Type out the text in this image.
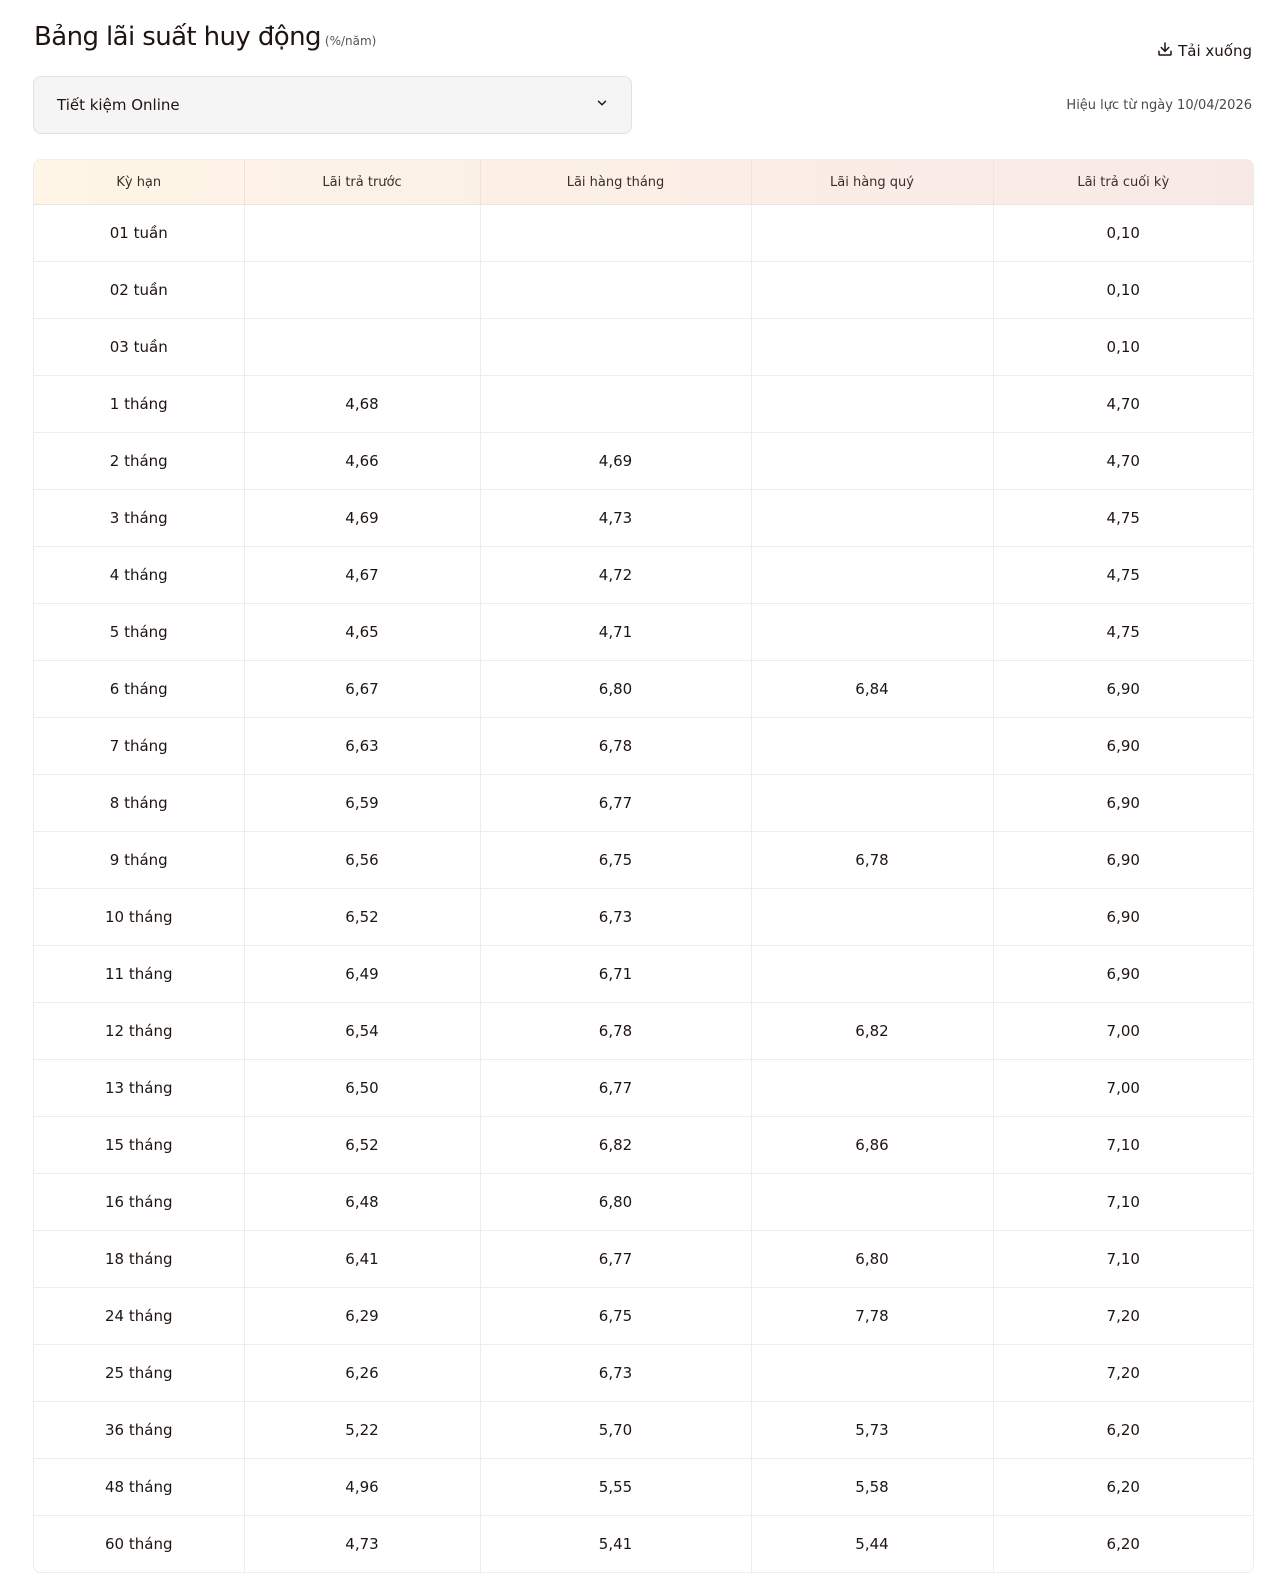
Bảng lãi suất huy động (%/năm)
Tải xuống
Tiết kiệm Online	Hiệu lực từ ngày 10/04/2026
Kỳ hạn	Lãi trả trước	Lãi hàng tháng	Lãi hàng quý	Lãi trả cuối kỳ
01 tuần				0,10
02 tuần				0,10
03 tuần				0,10
1 tháng	4,68			4,70
2 tháng	4,66	4,69		4,70
3 tháng	4,69	4,73		4,75
4 tháng	4,67	4,72		4,75
5 tháng	4,65	4,71		4,75
6 tháng	6,67	6,80	6,84	6,90
7 tháng	6,63	6,78		6,90
8 tháng	6,59	6,77		6,90
9 tháng	6,56	6,75	6,78	6,90
10 tháng	6,52	6,73		6,90
11 tháng	6,49	6,71		6,90
12 tháng	6,54	6,78	6,82	7,00
13 tháng	6,50	6,77		7,00
15 tháng	6,52	6,82	6,86	7,10
16 tháng	6,48	6,80		7,10
18 tháng	6,41	6,77	6,80	7,10
24 tháng	6,29	6,75	7,78	7,20
25 tháng	6,26	6,73		7,20
36 tháng	5,22	5,70	5,73	6,20
48 tháng	4,96	5,55	5,58	6,20
60 tháng	4,73	5,41	5,44	6,20
